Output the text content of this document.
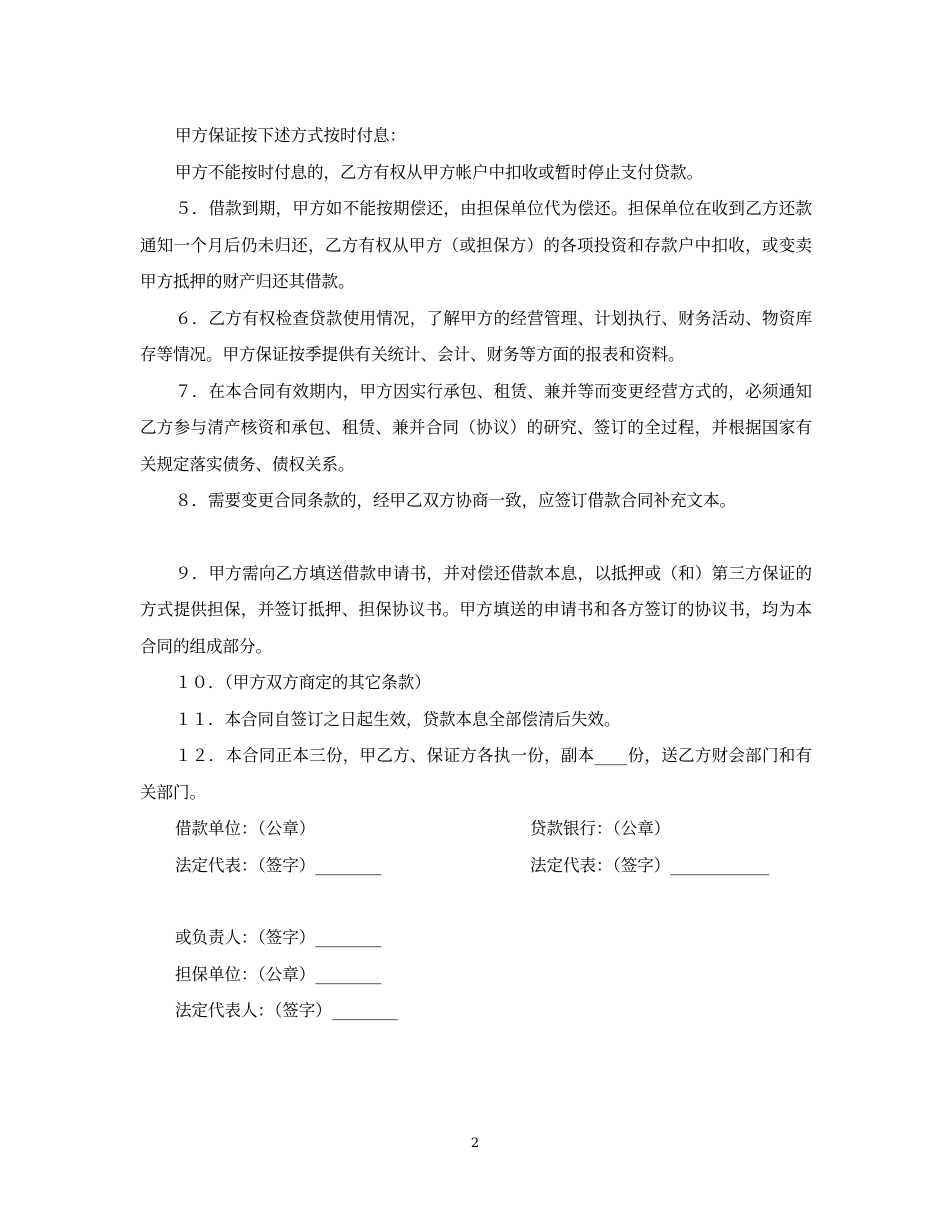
甲方保证按下述方式按时付息：

甲方不能按时付息的，乙方有权从甲方帐户中扣收或暂时停止支付贷款。

５．借款到期，甲方如不能按期偿还，由担保单位代为偿还。担保单位在收到乙方还款通知一个月后仍未归还，乙方有权从甲方（或担保方）的各项投资和存款户中扣收，或变卖甲方抵押的财产归还其借款。

６．乙方有权检查贷款使用情况，了解甲方的经营管理、计划执行、财务活动、物资库存等情况。甲方保证按季提供有关统计、会计、财务等方面的报表和资料。

７．在本合同有效期内，甲方因实行承包、租赁、兼并等而变更经营方式的，必须通知乙方参与清产核资和承包、租赁、兼并合同（协议）的研究、签订的全过程，并根据国家有关规定落实债务、债权关系。

８．需要变更合同条款的，经甲乙双方协商一致，应签订借款合同补充文本。

９．甲方需向乙方填送借款申请书，并对偿还借款本息，以抵押或（和）第三方保证的方式提供担保，并签订抵押、担保协议书。甲方填送的申请书和各方签订的协议书，均为本合同的组成部分。

１０．（甲方双方商定的其它条款）

１１．本合同自签订之日起生效，贷款本息全部偿清后失效。

１２．本合同正本三份，甲乙方、保证方各执一份，副本____份，送乙方财会部门和有关部门。

借款单位：（公章）	贷款银行：（公章）
法定代表：（签字）________	法定代表：（签字）____________
或负责人：（签字）________
担保单位：（公章）________
法定代表人：（签字）________
2
